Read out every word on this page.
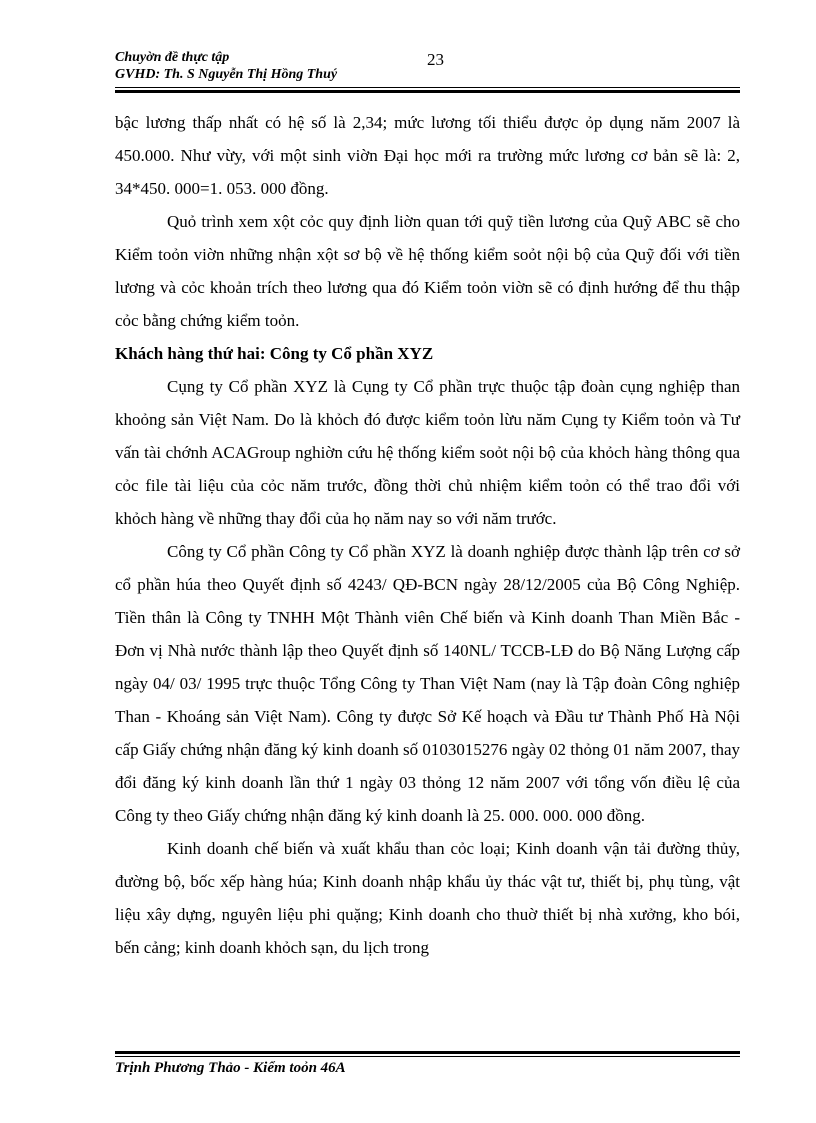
Chuyờn đề thực tập
GVHD: Th. S Nguyễn Thị Hồng Thuý
23

bậc lương thấp nhất có hệ số là 2,34; mức lương tối thiểu được ỏp dụng năm 2007 là 450.000. Như vừy, với một sinh viờn Đại học mới ra trường mức lương cơ bản sẽ là: 2, 34*450. 000=1. 053. 000 đồng.

Quỏ trình xem xột cỏc quy định liờn quan tới quỹ tiền lương của Quỹ ABC sẽ cho Kiểm toỏn viờn những nhận xột sơ bộ về hệ thống kiểm soỏt nội bộ của Quỹ đối với tiền lương và cỏc khoản trích theo lương qua đó Kiểm toỏn viờn sẽ có định hướng để thu thập cỏc bằng chứng kiểm toỏn.

Khách hàng thứ hai: Công ty Cổ phần XYZ

Cụng ty Cổ phần XYZ là Cụng ty Cổ phần trực thuộc tập đoàn cụng nghiệp than khoỏng sản Việt Nam. Do là khỏch đó được kiểm toỏn lừu năm Cụng ty Kiểm toỏn và Tư vấn tài chớnh ACAGroup nghiờn cứu hệ thống kiểm soỏt nội bộ của khỏch hàng thông qua cỏc file tài liệu của cỏc năm trước, đồng thời chủ nhiệm kiểm toỏn có thể trao đổi với khỏch hàng về những thay đổi của họ năm nay so với năm trước.

Công ty Cổ phần Công ty Cổ phần XYZ là doanh nghiệp được thành lập trên cơ sở cổ phần húa theo Quyết định số 4243/ QĐ-BCN ngày 28/12/2005 của Bộ Công Nghiệp. Tiền thân là Công ty TNHH Một Thành viên Chế biến và Kinh doanh Than Miền Bắc - Đơn vị Nhà nước thành lập theo Quyết định số 140NL/ TCCB-LĐ do Bộ Năng Lượng cấp ngày 04/ 03/ 1995 trực thuộc Tổng Công ty Than Việt Nam (nay là Tập đoàn Công nghiệp Than - Khoáng sản Việt Nam). Công ty được Sở Kế hoạch và Đầu tư Thành Phố Hà Nội cấp Giấy chứng nhận đăng ký kinh doanh số 0103015276 ngày 02 thỏng 01 năm 2007, thay đổi đăng ký kinh doanh lần thứ 1 ngày 03 thỏng 12 năm 2007 với tổng vốn điều lệ của Công ty theo Giấy chứng nhận đăng ký kinh doanh là 25. 000. 000. 000 đồng.

Kinh doanh chế biến và xuất khẩu than cỏc loại; Kinh doanh vận tải đường thủy, đường bộ, bốc xếp hàng húa; Kinh doanh nhập khẩu ủy thác vật tư, thiết bị, phụ tùng, vật liệu xây dựng, nguyên liệu phi quặng; Kinh doanh cho thuờ thiết bị nhà xưởng, kho bói, bến cảng; kinh doanh khỏch sạn, du lịch trong

Trịnh Phương Thảo - Kiểm toỏn 46A
